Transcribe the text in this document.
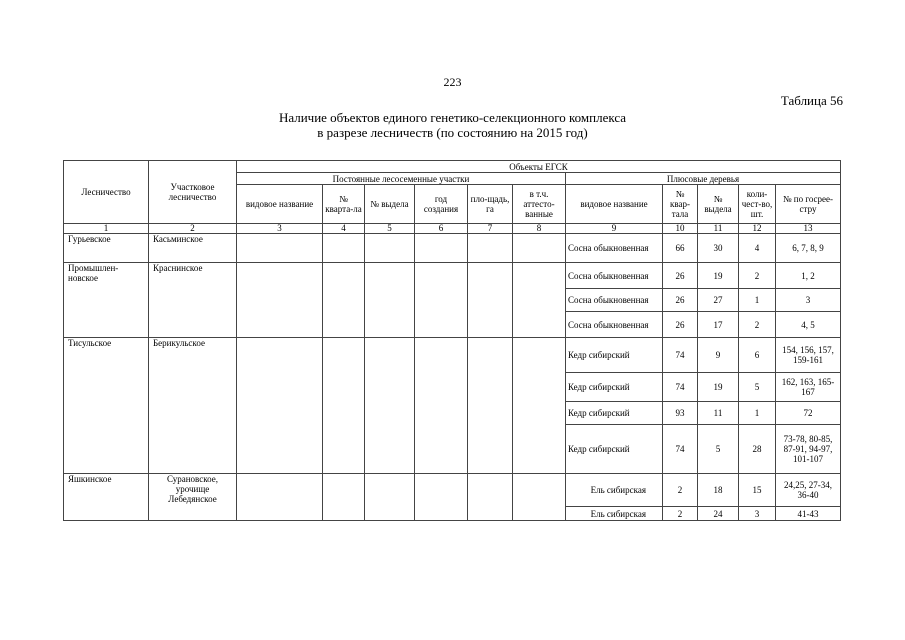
223
Таблица 56
Наличие объектов единого генетико-селекционного комплекса
в разрезе лесничеств (по состоянию на 2015 год)
Лесничество	Участковое лесничество	Объекты ЕГСК										
		Постоянные лесосеменные участки						Плюсовые деревья				
		видовое название	№ кварта-ла	№ выдела	год создания	пло-щадь, га	в т.ч. аттесто-ванные	видовое название	№ квар-тала	№ выдела	коли-чест-во, шт.	№ по госрее-стру
1	2	3	4	5	6	7	8	9	10	11	12	13
Гурьевское	Касьминское							Сосна обыкновенная	66	30	4	6, 7, 8, 9
Промышлен-новское	Краснинское							Сосна обыкновенная	26	19	2	1, 2
								Сосна обыкновенная	26	27	1	3
								Сосна обыкновенная	26	17	2	4, 5
Тисульское	Берикульское							Кедр сибирский	74	9	6	154, 156, 157, 159-161
								Кедр сибирский	74	19	5	162, 163, 165-167
								Кедр сибирский	93	11	1	72
								Кедр сибирский	74	5	28	73-78, 80-85, 87-91, 94-97, 101-107
Яшкинское	Сурановское, урочище Лебедянское							Ель сибирская	2	18	15	24,25, 27-34, 36-40
								Ель сибирская	2	24	3	41-43
